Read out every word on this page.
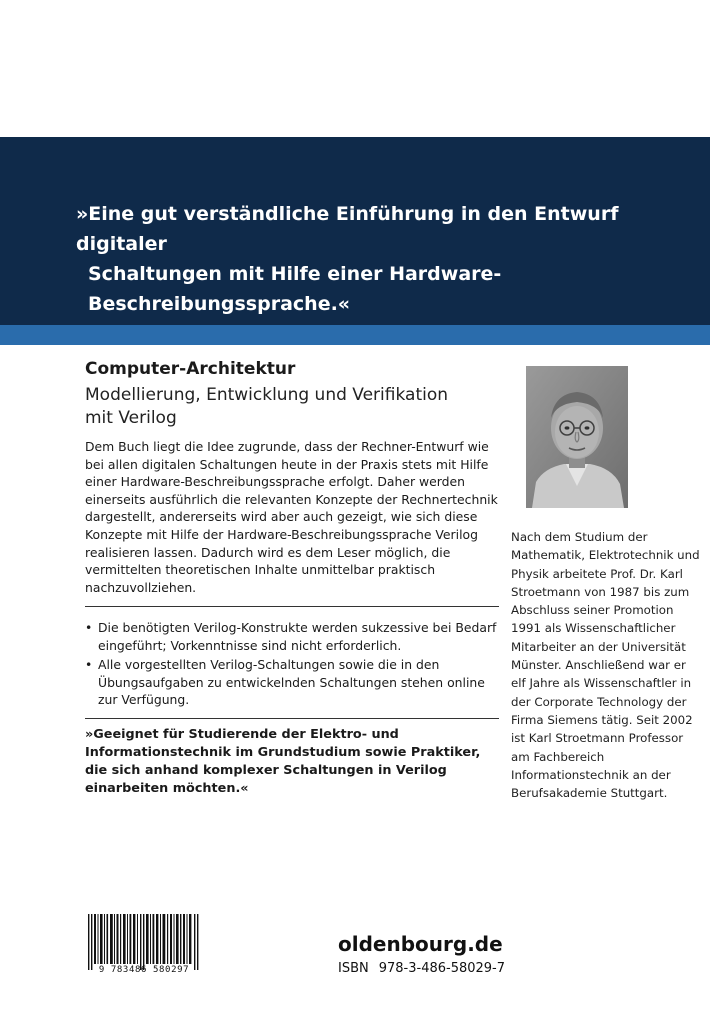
»Eine gut verständliche Einführung in den Entwurf digitaler
Schaltungen mit Hilfe einer Hardware-Beschreibungssprache.«
Computer-Architektur
Modellierung, Entwicklung und Verifikation
mit Verilog

Dem Buch liegt die Idee zugrunde, dass der Rechner-Entwurf wie bei allen digitalen Schaltungen heute in der Praxis stets mit Hilfe einer Hardware-Beschreibungssprache erfolgt. Daher werden einerseits ausführlich die relevanten Konzepte der Rechnertechnik dargestellt, andererseits wird aber auch gezeigt, wie sich diese Konzepte mit Hilfe der Hardware-Beschreibungssprache Verilog realisieren lassen. Dadurch wird es dem Leser möglich, die vermittelten theoretischen Inhalte unmittelbar praktisch nachzuvollziehen.

• Die benötigten Verilog-Konstrukte werden sukzessive bei Bedarf eingeführt; Vorkenntnisse sind nicht erforderlich.
• Alle vorgestellten Verilog-Schaltungen sowie die in den Übungsaufgaben zu entwickelnden Schaltungen stehen online zur Verfügung.

»Geeignet für Studierende der Elektro- und Informationstechnik im Grundstudium sowie Praktiker, die sich anhand komplexer Schaltungen in Verilog einarbeiten möchten.«

Nach dem Studium der Mathematik, Elektrotechnik und Physik arbeitete Prof. Dr. Karl Stroetmann von 1987 bis zum Abschluss seiner Promotion 1991 als Wissenschaftlicher Mitarbeiter an der Universität Münster. Anschließend war er elf Jahre als Wissenschaftler in der Corporate Technology der Firma Siemens tätig. Seit 2002 ist Karl Stroetmann Professor am Fachbereich Informationstechnik an der Berufsakademie Stuttgart.

9 783486 580297
oldenbourg.de
ISBN 978-3-486-58029-7
